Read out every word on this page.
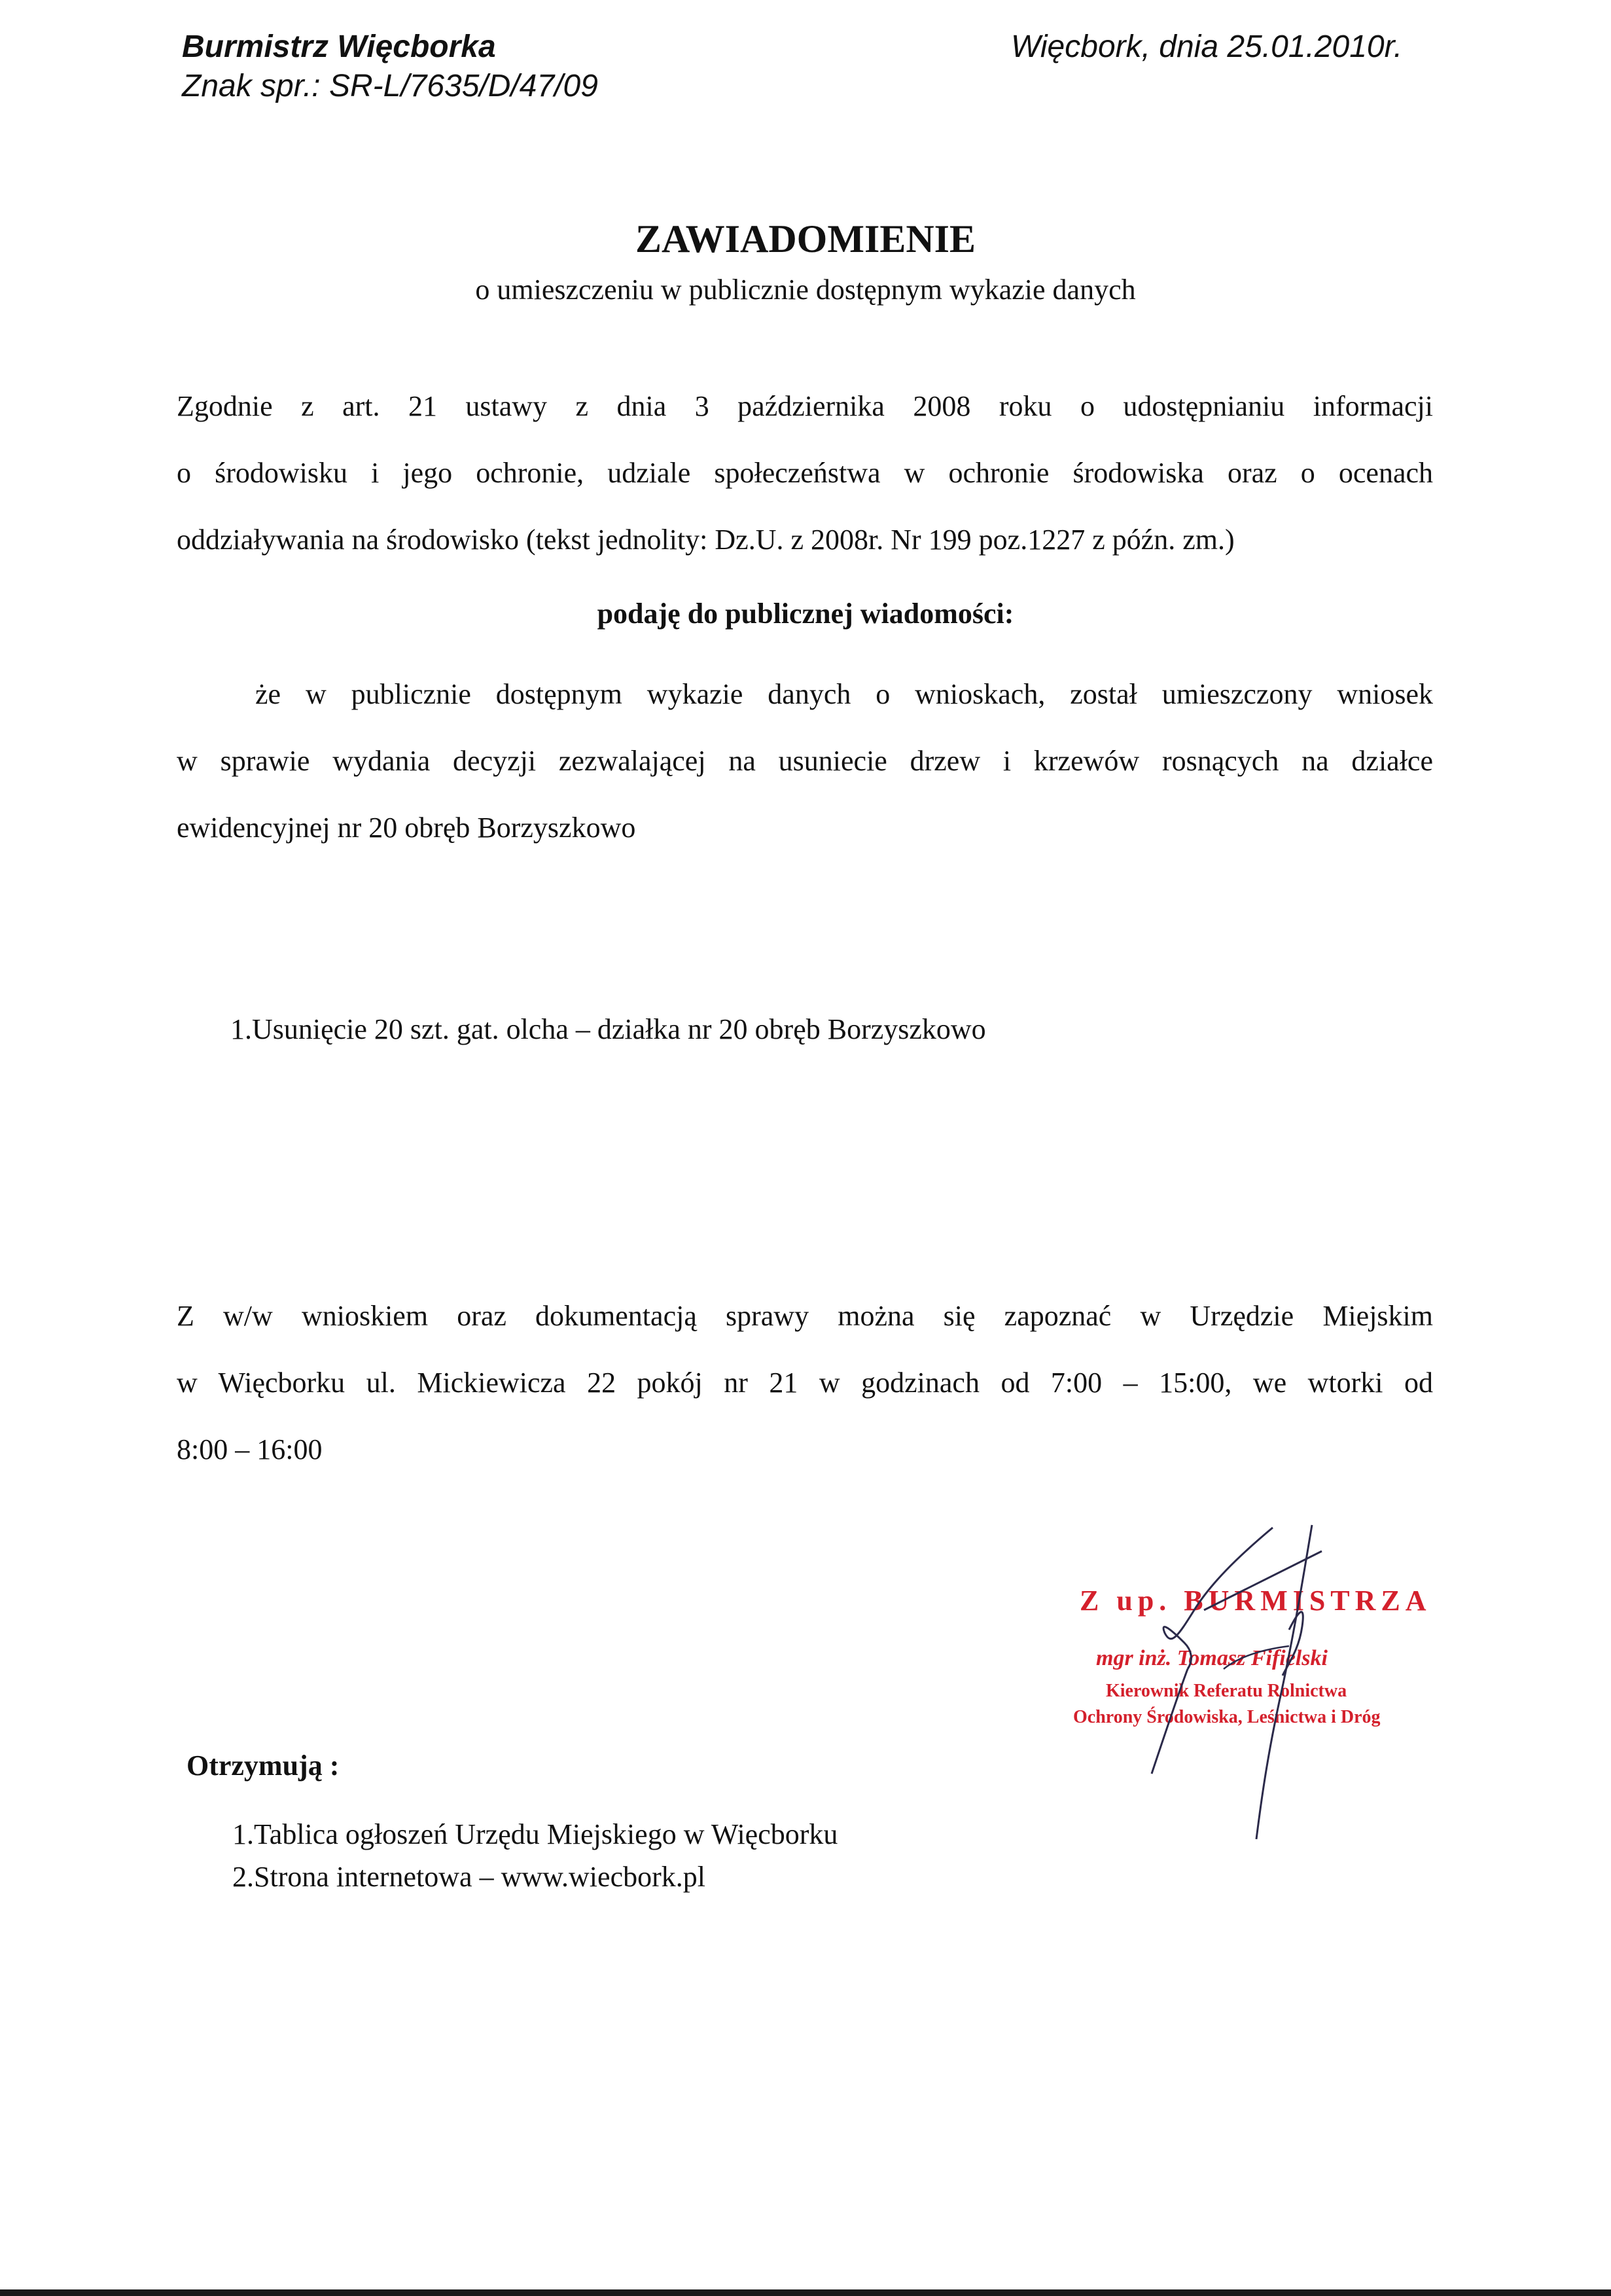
Burmistrz Więcborka
Znak spr.: SR-L/7635/D/47/09
Więcbork, dnia 25.01.2010r.
ZAWIADOMIENIE
o umieszczeniu w publicznie dostępnym wykazie danych
Zgodnie z art. 21 ustawy z dnia 3 października 2008 roku o udostępnianiu informacji
o środowisku i jego ochronie, udziale społeczeństwa w ochronie środowiska oraz o ocenach
oddziaływania na środowisko (tekst jednolity: Dz.U. z 2008r. Nr 199 poz.1227 z późn. zm.)
podaję do publicznej wiadomości:
że w publicznie dostępnym wykazie danych o wnioskach, został umieszczony wniosek
w sprawie wydania decyzji zezwalającej na usuniecie drzew i krzewów rosnących na działce
ewidencyjnej nr 20 obręb Borzyszkowo
1.Usunięcie 20 szt. gat. olcha – działka nr 20 obręb Borzyszkowo
Z w/w wnioskiem oraz dokumentacją sprawy można się zapoznać w Urzędzie Miejskim
w Więcborku ul. Mickiewicza 22 pokój nr 21 w godzinach od 7:00 – 15:00, we wtorki od
8:00 – 16:00
Z up. BURMISTRZA
mgr inż. Tomasz Fifielski
Kierownik Referatu Rolnictwa
Ochrony Środowiska, Leśnictwa i Dróg
Otrzymują :
1.Tablica ogłoszeń Urzędu Miejskiego w Więcborku
2.Strona internetowa – www.wiecbork.pl
